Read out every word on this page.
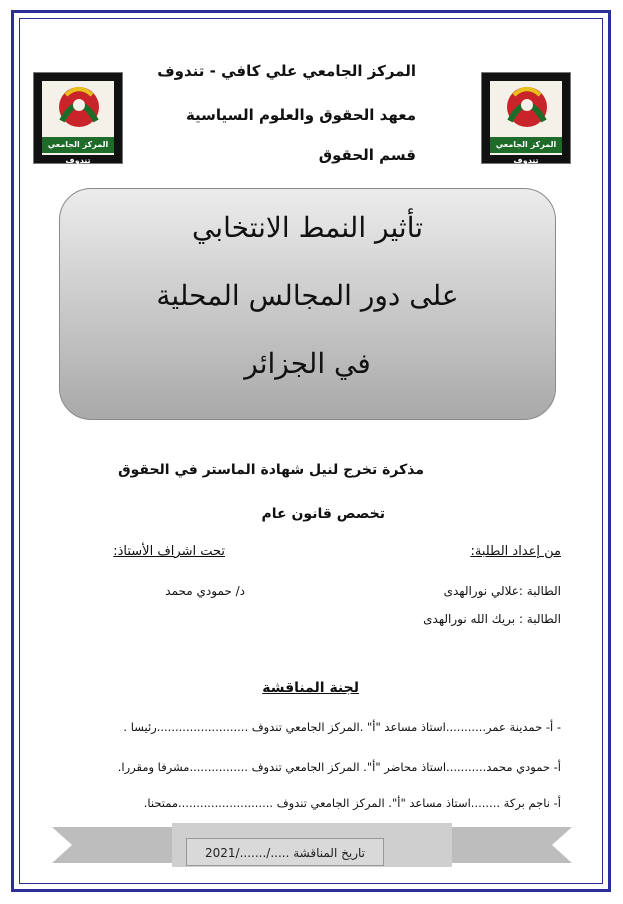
المركز الجامعي تندوف
المركز الجامعي تندوف
المركز الجامعي علي كافي - تندوف
معهد الحقوق والعلوم السياسية
قسم الحقوق
تأثير النمط الانتخابي
على دور المجالس المحلية
في الجزائر
مذكرة تخرج لنيل شهادة الماستر في الحقوق
تخصص قانون عام
من إعداد الطلبة:
تحت اشراف الأستاذ:
الطالبة :علالي نورالهدى
د/ حمودي محمد
الطالبة : بريك الله نورالهدى
لجنة المناقشة
- أ- حمدينة عمر...........استاذ مساعد "أ" .المركز الجامعي تندوف .........................رئيسا .
أ- حمودي محمد...........استاذ محاضر "أ". المركز الجامعي تندوف ................مشرفا ومقررا.
أ- ناجم بركة ........استاذ مساعد "أ". المركز الجامعي تندوف ..........................ممتحنا.
تاريخ المناقشة ...../......./2021
